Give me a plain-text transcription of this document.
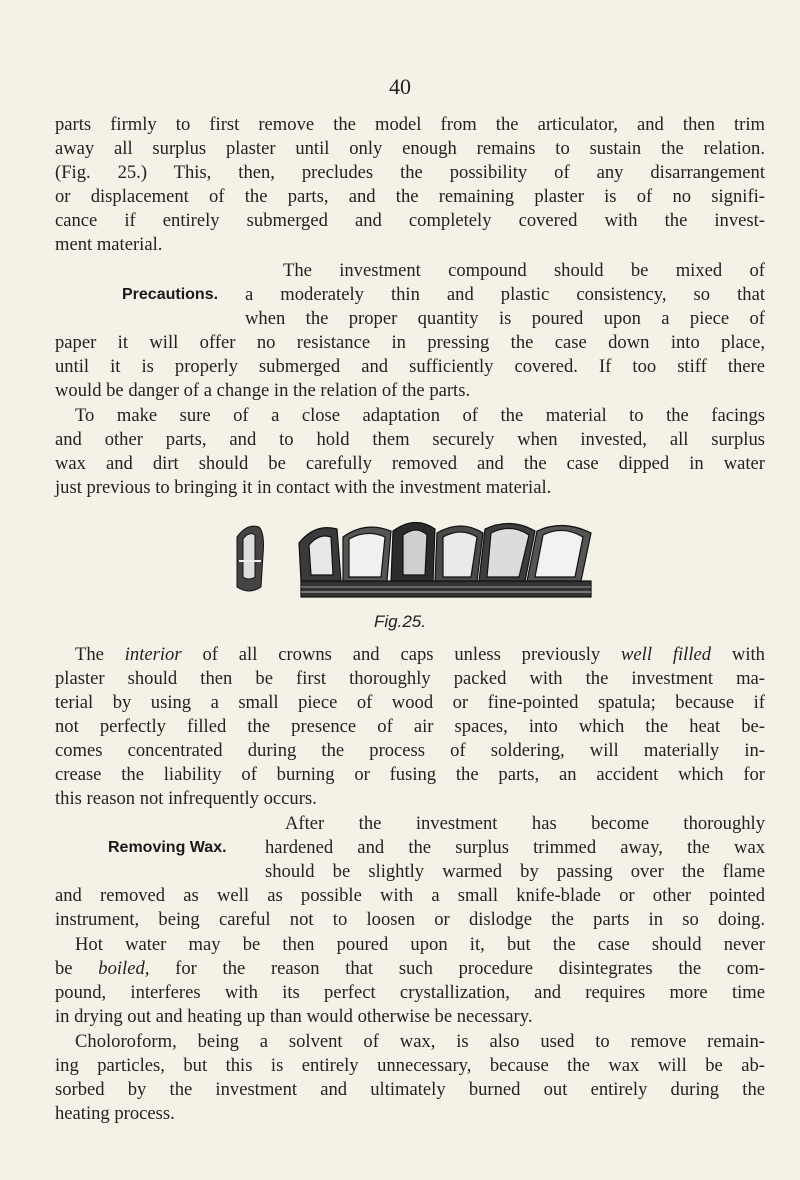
40
parts firmly to first remove the model from the articulator, and then trim
away all surplus plaster until only enough remains to sustain the relation.
(Fig. 25.) This, then, precludes the possibility of any disarrangement
or displacement of the parts, and the remaining plaster is of no signifi-
cance if entirely submerged and completely covered with the invest-
ment material.
The investment compound should be mixed of
Precautions. a moderately thin and plastic consistency, so that
when the proper quantity is poured upon a piece of
paper it will offer no resistance in pressing the case down into place,
until it is properly submerged and sufficiently covered. If too stiff there
would be danger of a change in the relation of the parts.
To make sure of a close adaptation of the material to the facings
and other parts, and to hold them securely when invested, all surplus
wax and dirt should be carefully removed and the case dipped in water
just previous to bringing it in contact with the investment material.
Fig.25.
The interior of all crowns and caps unless previously well filled with
plaster should then be first thoroughly packed with the investment ma-
terial by using a small piece of wood or fine-pointed spatula; because if
not perfectly filled the presence of air spaces, into which the heat be-
comes concentrated during the process of soldering, will materially in-
crease the liability of burning or fusing the parts, an accident which for
this reason not infrequently occurs.
After the investment has become thoroughly
Removing Wax. hardened and the surplus trimmed away, the wax
should be slightly warmed by passing over the flame
and removed as well as possible with a small knife-blade or other pointed
instrument, being careful not to loosen or dislodge the parts in so doing.
Hot water may be then poured upon it, but the case should never
be boiled, for the reason that such procedure disintegrates the com-
pound, interferes with its perfect crystallization, and requires more time
in drying out and heating up than would otherwise be necessary.
Choloroform, being a solvent of wax, is also used to remove remain-
ing particles, but this is entirely unnecessary, because the wax will be ab-
sorbed by the investment and ultimately burned out entirely during the
heating process.
